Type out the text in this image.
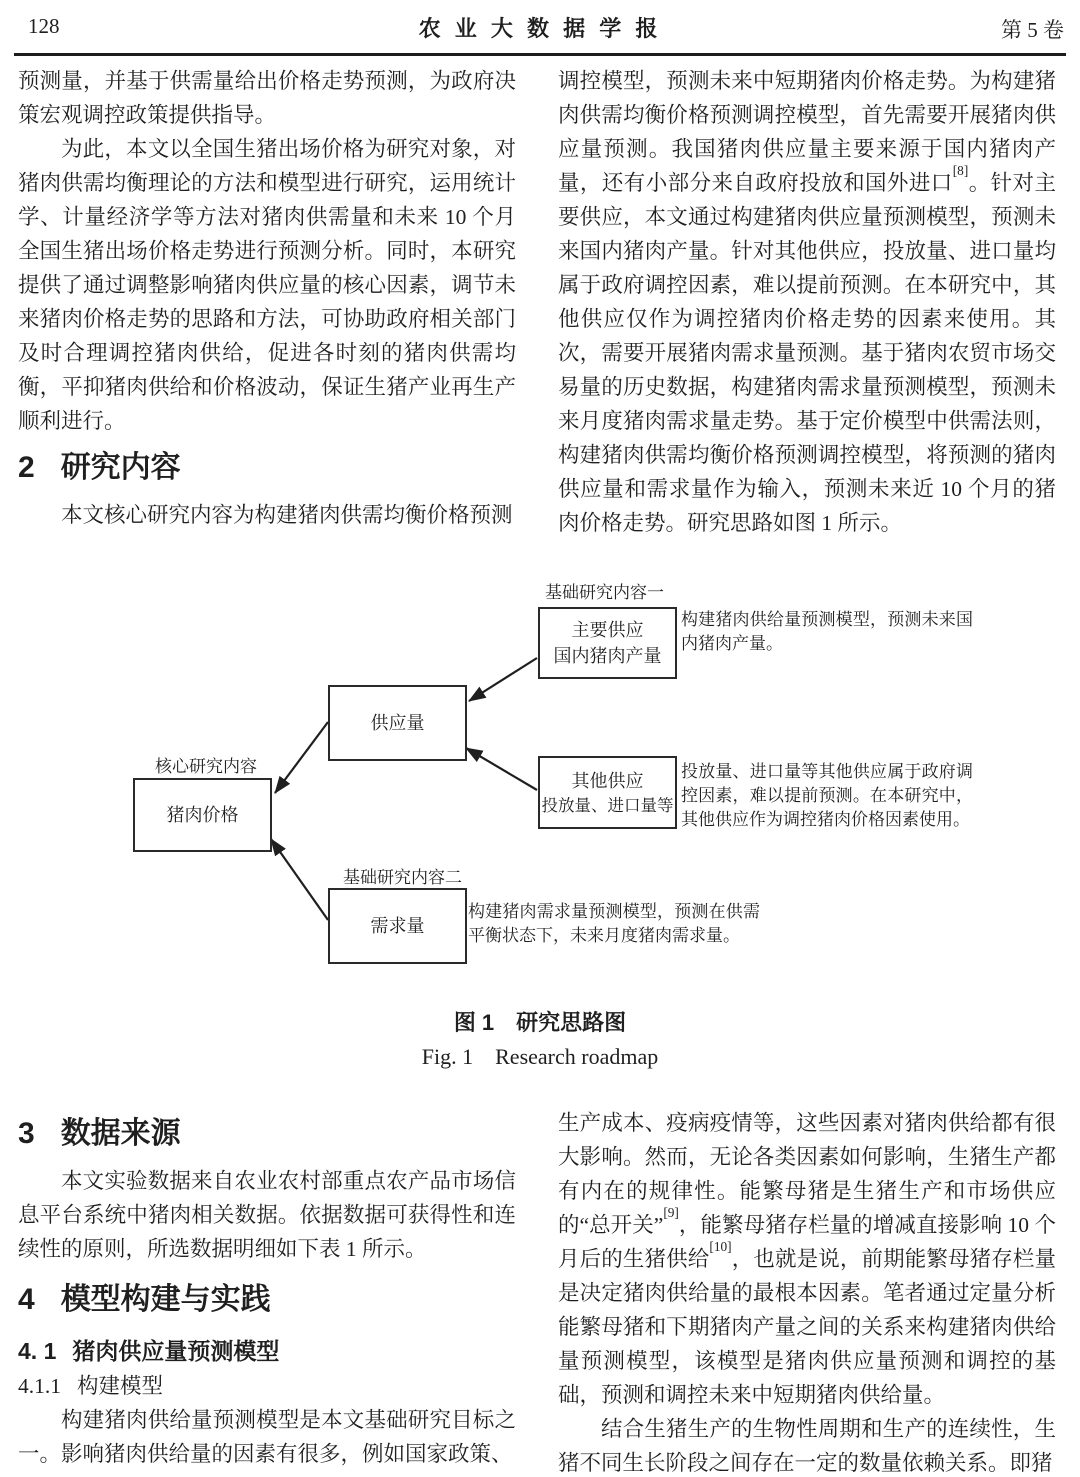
128	农 业 大 数 据 学 报	第 5 卷

预测量，并基于供需量给出价格走势预测，为政府决策宏观调控政策提供指导。

为此，本文以全国生猪出场价格为研究对象，对猪肉供需均衡理论的方法和模型进行研究，运用统计学、计量经济学等方法对猪肉供需量和未来 10 个月全国生猪出场价格走势进行预测分析。同时，本研究提供了通过调整影响猪肉供应量的核心因素，调节未来猪肉价格走势的思路和方法，可协助政府相关部门及时合理调控猪肉供给，促进各时刻的猪肉供需均衡，平抑猪肉供给和价格波动，保证生猪产业再生产顺利进行。

2 研究内容

本文核心研究内容为构建猪肉供需均衡价格预测

调控模型，预测未来中短期猪肉价格走势。为构建猪肉供需均衡价格预测调控模型，首先需要开展猪肉供应量预测。我国猪肉供应量主要来源于国内猪肉产量，还有小部分来自政府投放和国外进口[8]。针对主要供应，本文通过构建猪肉供应量预测模型，预测未来国内猪肉产量。针对其他供应，投放量、进口量均属于政府调控因素，难以提前预测。在本研究中，其他供应仅作为调控猪肉价格走势的因素来使用。其次，需要开展猪肉需求量预测。基于猪肉农贸市场交易量的历史数据，构建猪肉需求量预测模型，预测未来月度猪肉需求量走势。基于定价模型中供需法则，构建猪肉供需均衡价格预测调控模型，将预测的猪肉供应量和需求量作为输入，预测未来近 10 个月的猪肉价格走势。研究思路如图 1 所示。

基础研究内容一
主要供应
国内猪肉产量
构建猪肉供给量预测模型，预测未来国内猪肉产量。
供应量
核心研究内容
猪肉价格
其他供应
投放量、进口量等
投放量、进口量等其他供应属于政府调控因素，难以提前预测。在本研究中，其他供应作为调控猪肉价格因素使用。
基础研究内容二
需求量
构建猪肉需求量预测模型，预测在供需平衡状态下，未来月度猪肉需求量。
图 1　研究思路图
Fig. 1　Research roadmap
3 数据来源

本文实验数据来自农业农村部重点农产品市场信息平台系统中猪肉相关数据。依据数据可获得性和连续性的原则，所选数据明细如下表 1 所示。

4 模型构建与实践
4. 1 猪肉供应量预测模型
4.1.1 构建模型

构建猪肉供给量预测模型是本文基础研究目标之一。影响猪肉供给量的因素有很多，例如国家政策、

生产成本、疫病疫情等，这些因素对猪肉供给都有很大影响。然而，无论各类因素如何影响，生猪生产都有内在的规律性。能繁母猪是生猪生产和市场供应的“总开关”[9]，能繁母猪存栏量的增减直接影响 10 个月后的生猪供给[10]，也就是说，前期能繁母猪存栏量是决定猪肉供给量的最根本因素。笔者通过定量分析能繁母猪和下期猪肉产量之间的关系来构建猪肉供给量预测模型，该模型是猪肉供应量预测和调控的基础，预测和调控未来中短期猪肉供给量。

结合生猪生产的生物性周期和生产的连续性，生猪不同生长阶段之间存在一定的数量依赖关系。即猪
